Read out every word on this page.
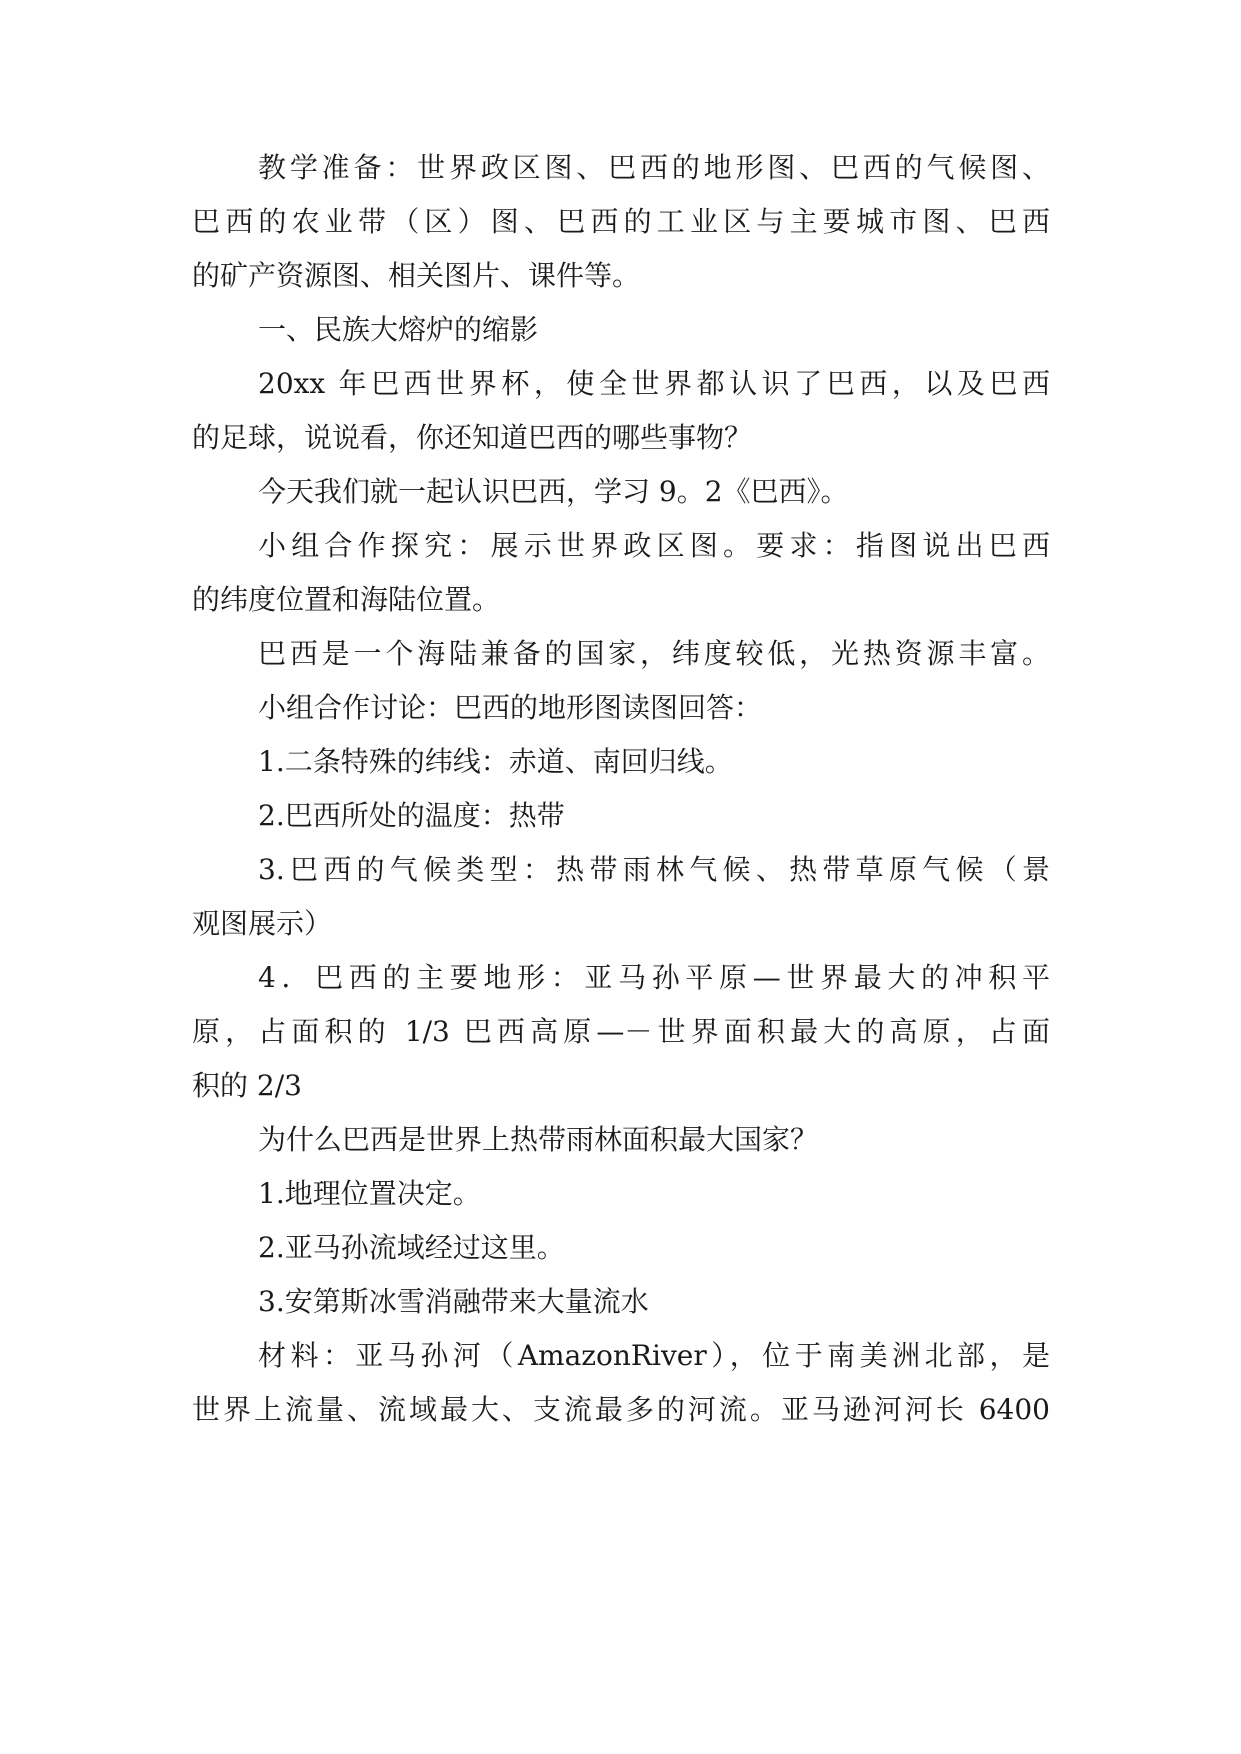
教学准备：世界政区图、巴西的地形图、巴西的气候图、
巴西的农业带（区）图、巴西的工业区与主要城市图、巴西
的矿产资源图、相关图片、课件等。
一、民族大熔炉的缩影
20xx 年巴西世界杯，使全世界都认识了巴西，以及巴西
的足球，说说看，你还知道巴西的哪些事物？
今天我们就一起认识巴西，学习 9。2《巴西》。
小组合作探究：展示世界政区图。要求：指图说出巴西
的纬度位置和海陆位置。
巴西是一个海陆兼备的国家，纬度较低，光热资源丰富。
小组合作讨论：巴西的地形图读图回答：
1.二条特殊的纬线：赤道、南回归线。
2.巴西所处的温度：热带
3.巴西的气候类型：热带雨林气候、热带草原气候（景
观图展示）
4．巴西的主要地形：亚马孙平原—世界最大的冲积平
原，占面积的 1/3 巴西高原—－世界面积最大的高原，占面
积的 2/3
为什么巴西是世界上热带雨林面积最大国家？
1.地理位置决定。
2.亚马孙流域经过这里。
3.安第斯冰雪消融带来大量流水
材料：亚马孙河（AmazonRiver），位于南美洲北部，是
世界上流量、流域最大、支流最多的河流。亚马逊河河长 6400
